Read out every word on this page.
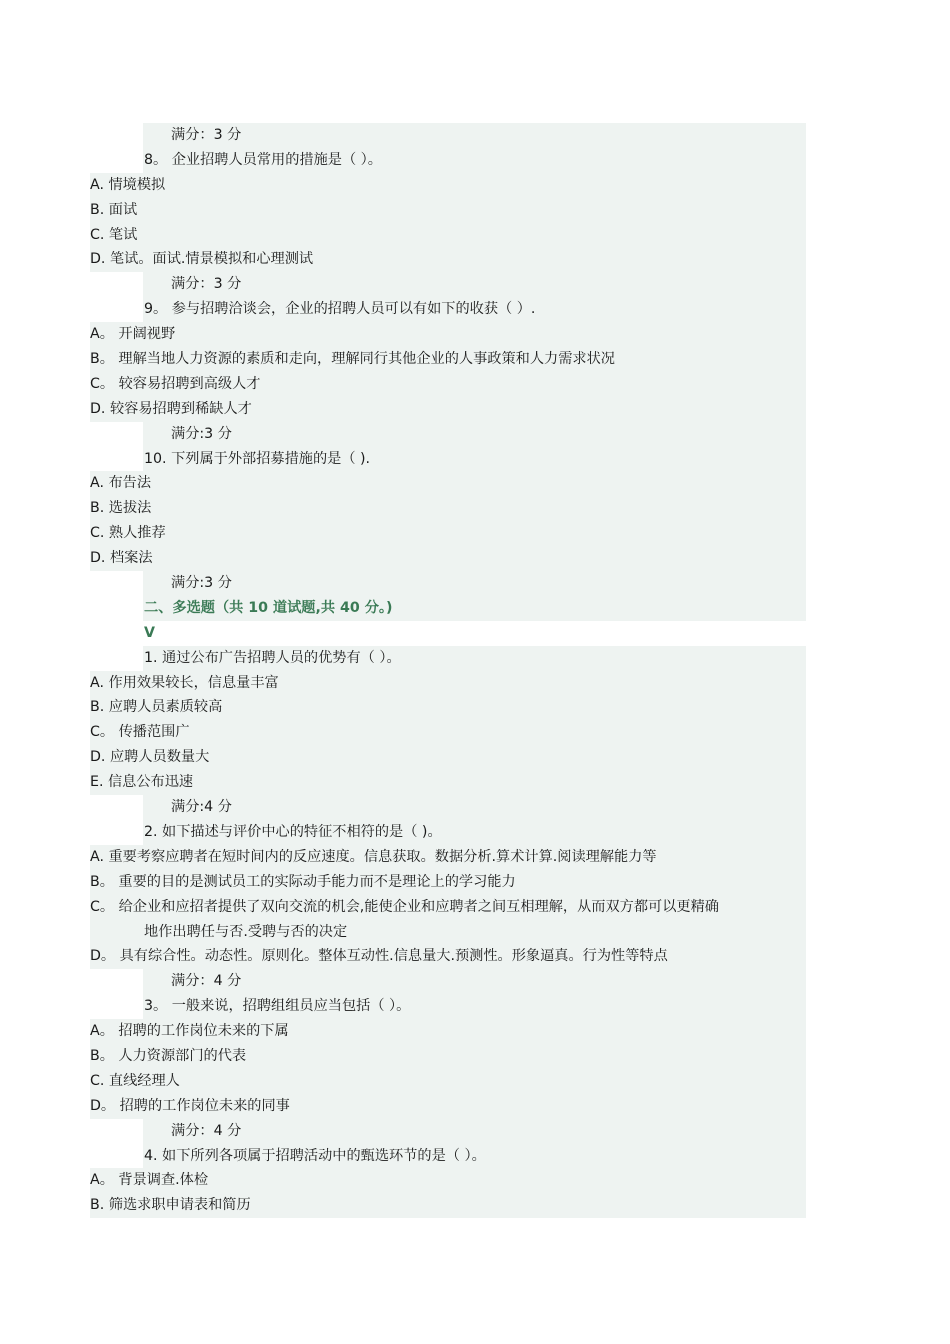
满分：3 分
8。 企业招聘人员常用的措施是（ ）。
A. 情境模拟
B. 面试
C. 笔试
D. 笔试。面试.情景模拟和心理测试
满分：3 分
9。 参与招聘洽谈会，企业的招聘人员可以有如下的收获（ ）.
A。 开阔视野
B。 理解当地人力资源的素质和走向，理解同行其他企业的人事政策和人力需求状况
C。 较容易招聘到高级人才
D. 较容易招聘到稀缺人才
满分:3 分
10. 下列属于外部招募措施的是（ ).
A. 布告法
B. 选拔法
C. 熟人推荐
D. 档案法
满分:3 分
二、多选题（共 10 道试题,共 40 分。)
V
1. 通过公布广告招聘人员的优势有（ ）。
A. 作用效果较长，信息量丰富
B. 应聘人员素质较高
C。 传播范围广
D. 应聘人员数量大
E. 信息公布迅速
满分:4 分
2. 如下描述与评价中心的特征不相符的是（ )。
A. 重要考察应聘者在短时间内的反应速度。信息获取。数据分析.算术计算.阅读理解能力等
B。 重要的目的是测试员工的实际动手能力而不是理论上的学习能力
C。 给企业和应招者提供了双向交流的机会,能使企业和应聘者之间互相理解，从而双方都可以更精确
地作出聘任与否.受聘与否的决定
D。 具有综合性。动态性。原则化。整体互动性.信息量大.预测性。形象逼真。行为性等特点
满分：4 分
3。 一般来说，招聘组组员应当包括（ ）。
A。 招聘的工作岗位未来的下属
B。 人力资源部门的代表
C. 直线经理人
D。 招聘的工作岗位未来的同事
满分：4 分
4. 如下所列各项属于招聘活动中的甄选环节的是（ ）。
A。 背景调查.体检
B. 筛选求职申请表和简历
